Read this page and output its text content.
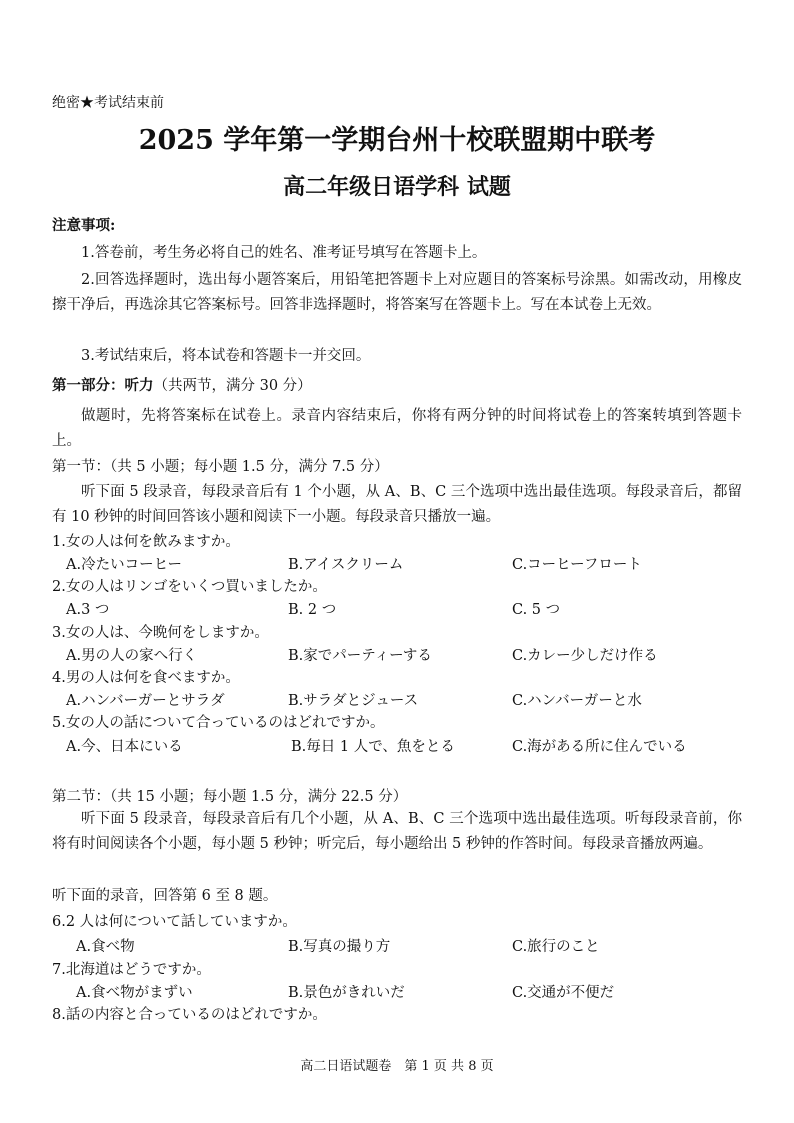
绝密★考试结束前
2025 学年第一学期台州十校联盟期中联考
高二年级日语学科 试题
注意事项:
1.答卷前，考生务必将自己的姓名、准考证号填写在答题卡上。
2.回答选择题时，选出每小题答案后，用铅笔把答题卡上对应题目的答案标号涂黑。如需改动，用橡皮擦干净后，再选涂其它答案标号。回答非选择题时，将答案写在答题卡上。写在本试卷上无效。
3.考试结束后，将本试卷和答题卡一并交回。
第一部分：听力（共两节，满分 30 分）
做题时，先将答案标在试卷上。录音内容结束后，你将有两分钟的时间将试卷上的答案转填到答题卡上。
第一节：（共 5 小题；每小题 1.5 分，满分 7.5 分）
听下面 5 段录音，每段录音后有 1 个小题，从 A、B、C 三个选项中选出最佳选项。每段录音后，都留有 10 秒钟的时间回答该小题和阅读下一小题。每段录音只播放一遍。
1.女の人は何を飲みますか。
A.冷たいコーヒー	B.アイスクリーム	C.コーヒーフロート
2.女の人はリンゴをいくつ買いましたか。
A.3 つ	B. 2 つ	C. 5 つ
3.女の人は、今晩何をしますか。
A.男の人の家へ行く	B.家でパーティーする	C.カレー少しだけ作る
4.男の人は何を食べますか。
A.ハンバーガーとサラダ	B.サラダとジュース	C.ハンバーガーと水
5.女の人の話について合っているのはどれですか。
A.今、日本にいる	B.毎日 1 人で、魚をとる	C.海がある所に住んでいる
第二节：（共 15 小题；每小题 1.5 分，满分 22.5 分）
听下面 5 段录音，每段录音后有几个小题，从 A、B、C 三个选项中选出最佳选项。听每段录音前，你将有时间阅读各个小题，每小题 5 秒钟；听完后，每小题给出 5 秒钟的作答时间。每段录音播放两遍。
听下面的录音，回答第 6 至 8 题。
6.2 人は何について話していますか。
A.食べ物	B.写真の撮り方	C.旅行のこと
7.北海道はどうですか。
A.食べ物がまずい	B.景色がきれいだ	C.交通が不便だ
8.話の内容と合っているのはどれですか。
高二日语试题卷　第 1 页 共 8 页
